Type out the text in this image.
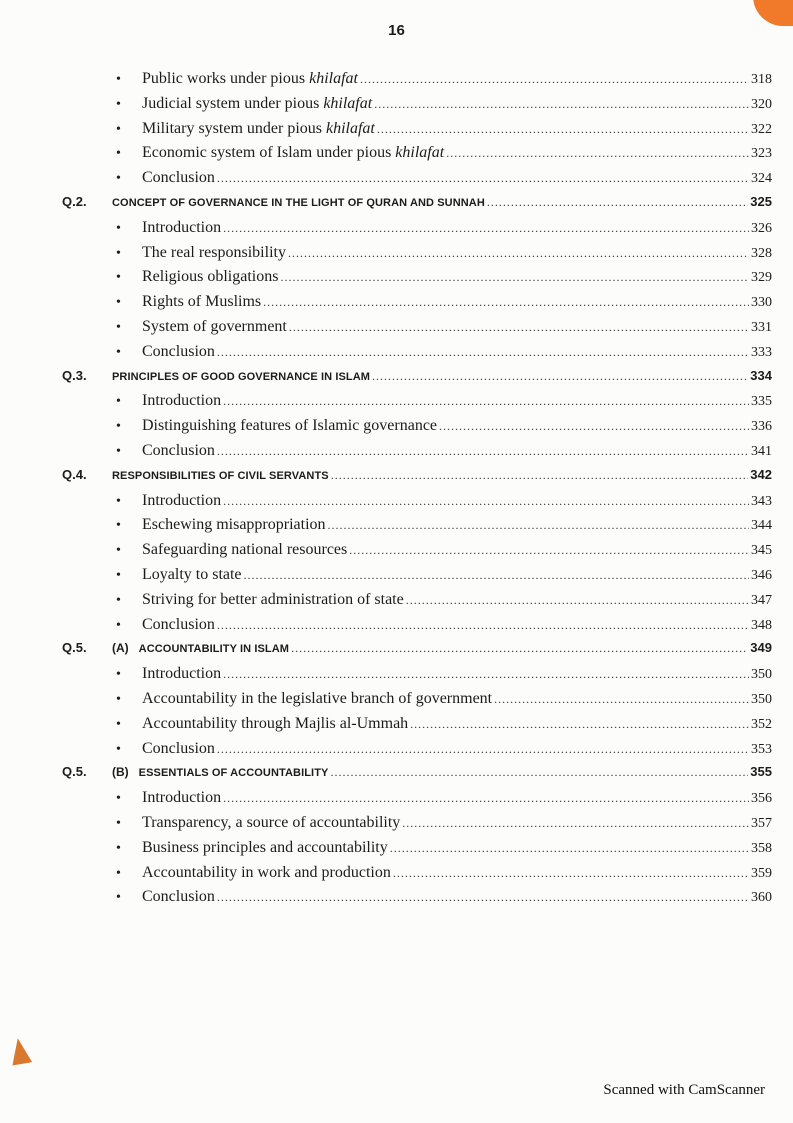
16
•	Public works under pious khilafat .....	318
•	Judicial system under pious khilafat .....	320
•	Military system under pious khilafat .....	322
•	Economic system of Islam under pious khilafat .....	323
•	Conclusion .....	324
Q.2.	CONCEPT OF GOVERNANCE IN THE LIGHT OF QURAN AND SUNNAH .....	325
•	Introduction .....	326
•	The real responsibility .....	328
•	Religious obligations .....	329
•	Rights of Muslims .....	330
•	System of government .....	331
•	Conclusion .....	333
Q.3.	PRINCIPLES OF GOOD GOVERNANCE IN ISLAM .....	334
•	Introduction .....	335
•	Distinguishing features of Islamic governance .....	336
•	Conclusion .....	341
Q.4.	RESPONSIBILITIES OF CIVIL SERVANTS .....	342
•	Introduction .....	343
•	Eschewing misappropriation .....	344
•	Safeguarding national resources .....	345
•	Loyalty to state .....	346
•	Striving for better administration of state .....	347
•	Conclusion .....	348
Q.5.	(A) ACCOUNTABILITY IN ISLAM .....	349
•	Introduction .....	350
•	Accountability in the legislative branch of government .....	350
•	Accountability through Majlis al-Ummah .....	352
•	Conclusion .....	353
Q.5.	(B) ESSENTIALS OF ACCOUNTABILITY .....	355
•	Introduction .....	356
•	Transparency, a source of accountability .....	357
•	Business principles and accountability .....	358
•	Accountability in work and production .....	359
•	Conclusion .....	360
Scanned with CamScanner
